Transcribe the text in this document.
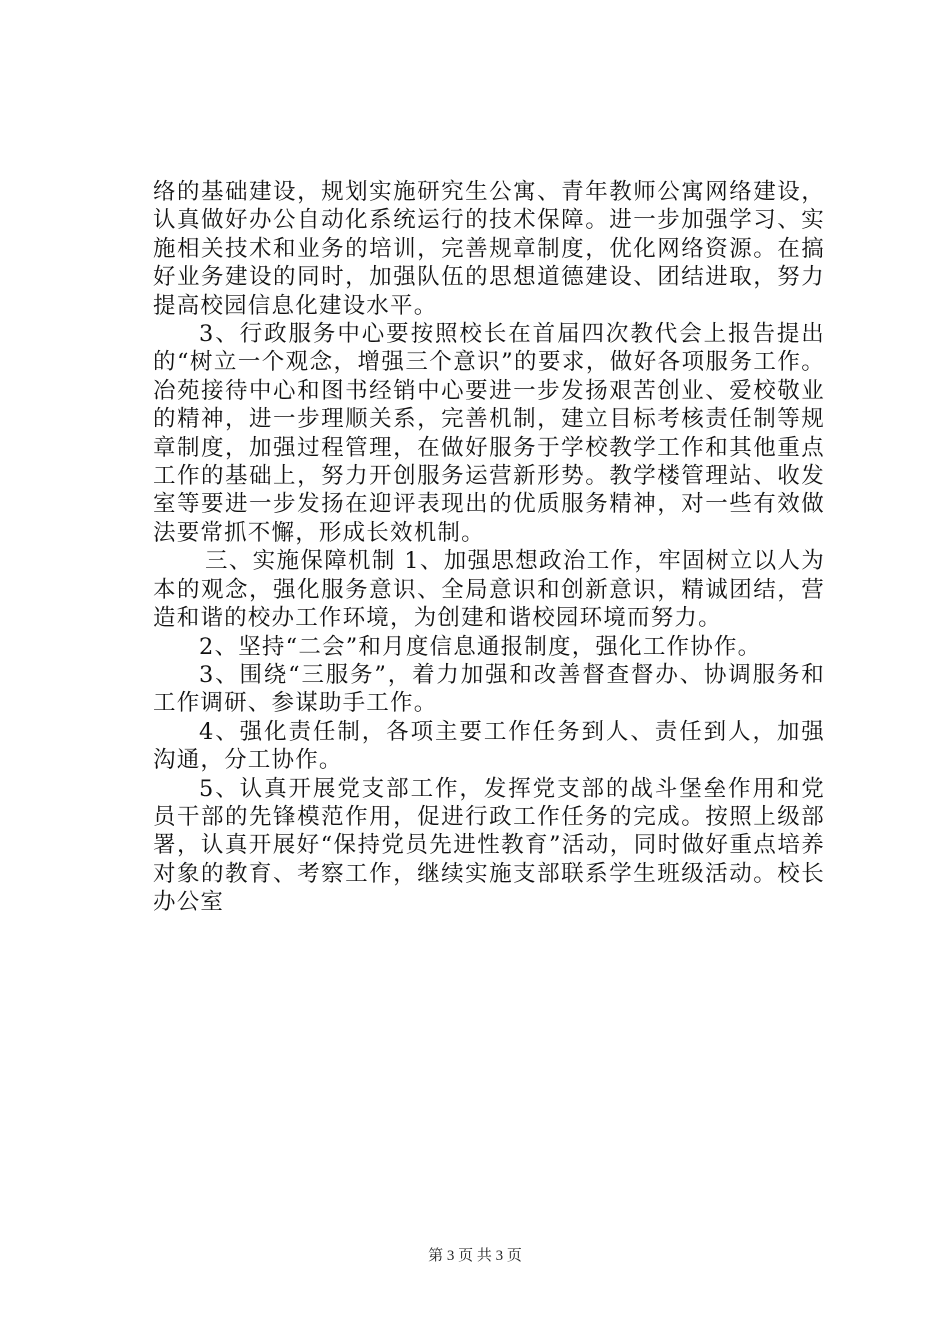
络的基础建设，规划实施研究生公寓、青年教师公寓网络建设，认真做好办公自动化系统运行的技术保障。进一步加强学习、实施相关技术和业务的培训，完善规章制度，优化网络资源。在搞好业务建设的同时，加强队伍的思想道德建设、团结进取，努力提高校园信息化建设水平。

3、行政服务中心要按照校长在首届四次教代会上报告提出的“树立一个观念，增强三个意识”的要求，做好各项服务工作。冶苑接待中心和图书经销中心要进一步发扬艰苦创业、爱校敬业的精神，进一步理顺关系，完善机制，建立目标考核责任制等规章制度，加强过程管理，在做好服务于学校教学工作和其他重点工作的基础上，努力开创服务运营新形势。教学楼管理站、收发室等要进一步发扬在迎评表现出的优质服务精神，对一些有效做法要常抓不懈，形成长效机制。

三、实施保障机制 1、加强思想政治工作，牢固树立以人为本的观念，强化服务意识、全局意识和创新意识，精诚团结，营造和谐的校办工作环境，为创建和谐校园环境而努力。

2、坚持“二会”和月度信息通报制度，强化工作协作。

3、围绕“三服务”，着力加强和改善督查督办、协调服务和工作调研、参谋助手工作。

4、强化责任制，各项主要工作任务到人、责任到人，加强沟通，分工协作。

5、认真开展党支部工作，发挥党支部的战斗堡垒作用和党员干部的先锋模范作用，促进行政工作任务的完成。按照上级部署，认真开展好“保持党员先进性教育”活动，同时做好重点培养对象的教育、考察工作，继续实施支部联系学生班级活动。校长办公室

第 3 页 共 3 页
